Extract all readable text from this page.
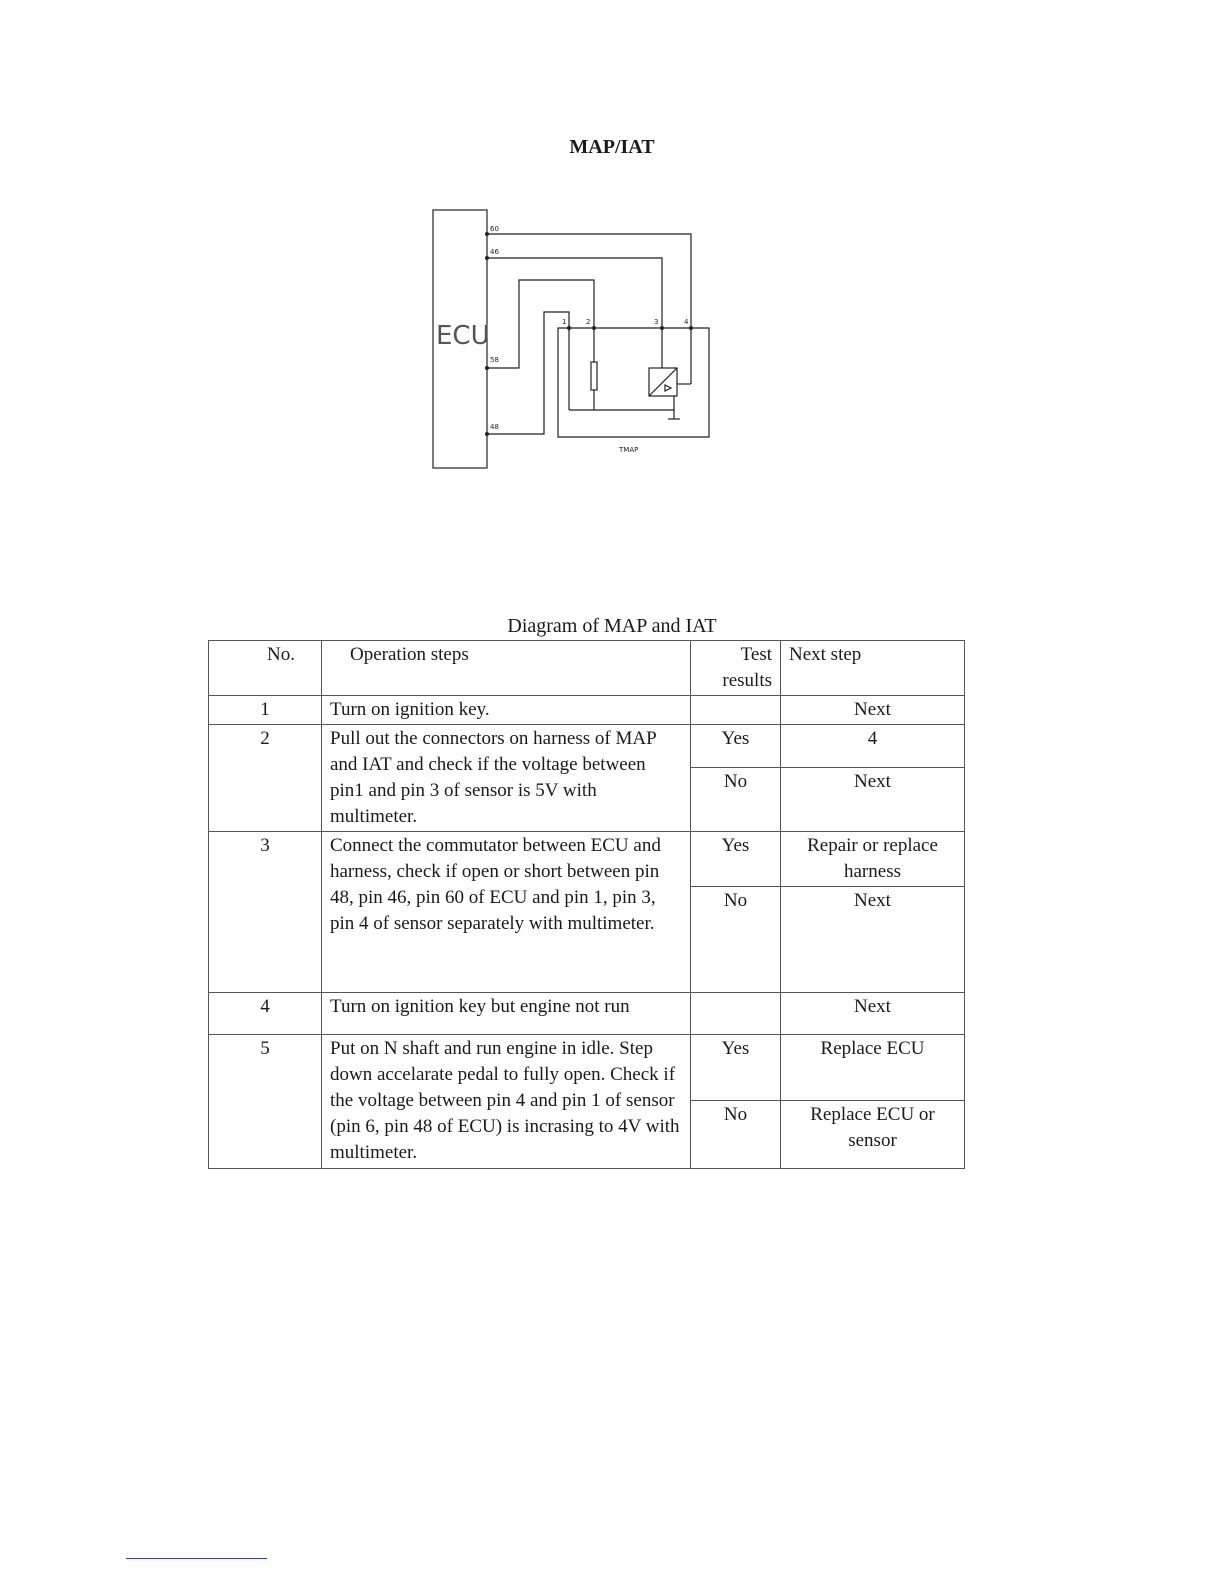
MAP/IAT
ECU
60
46
58
48
1	2	3	4
TMAP
Diagram of MAP and IAT
No.	Operation steps	Test results	Next step
1	Turn on ignition key.		Next
2	Pull out the connectors on harness of MAP and IAT and check if the voltage between pin1 and pin 3 of sensor is 5V with multimeter.	Yes	4
		No	Next
3	Connect the commutator between ECU and harness, check if open or short between pin 48, pin 46, pin 60 of ECU and pin 1, pin 3, pin 4 of sensor separately with multimeter.	Yes	Repair or replace harness
		No	Next
4	Turn on ignition key but engine not run		Next
5	Put on N shaft and run engine in idle. Step down accelarate pedal to fully open. Check if the voltage between pin 4 and pin 1 of sensor (pin 6, pin 48 of ECU) is incrasing to 4V with multimeter.	Yes	Replace ECU
		No	Replace ECU or sensor
